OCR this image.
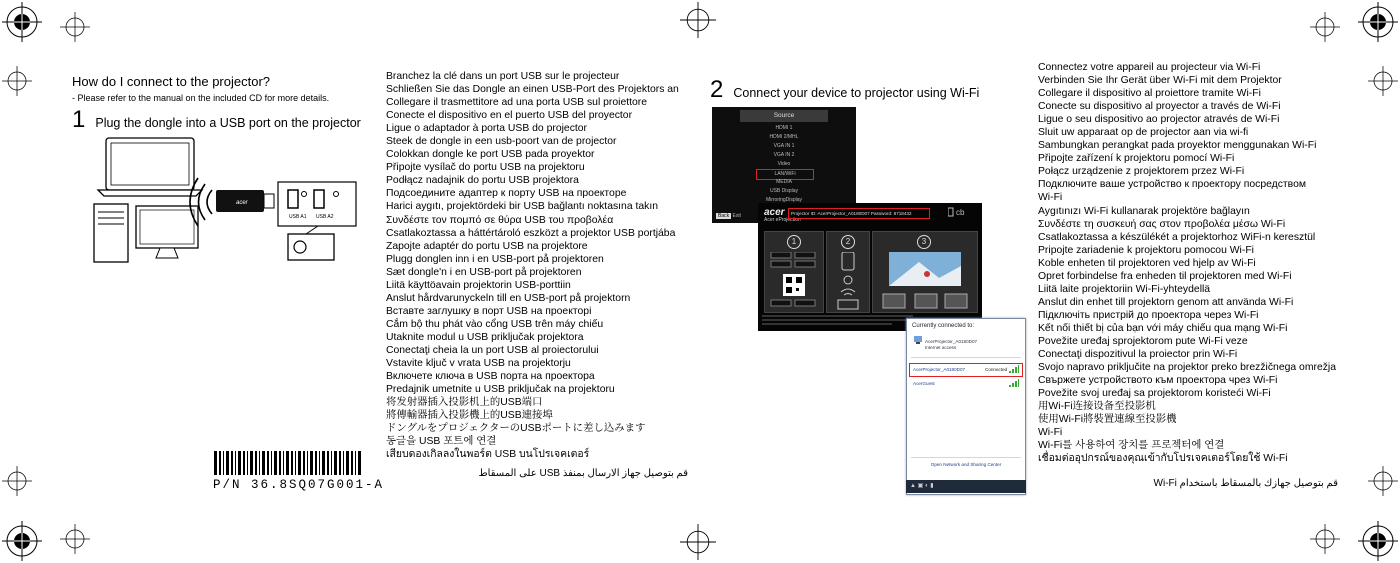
How do I connect to the projector?
- Please refer to the manual on the included CD for more details.
1 Plug the dongle into a USB port on the projector
acer
USB A1 USB A2
P/N 36.8SQ07G001-A
Branchez la clé dans un port USB sur le projecteur
Schließen Sie das Dongle an einen USB-Port des Projektors an
Collegare il trasmettitore ad una porta USB sul proiettore
Conecte el dispositivo en el puerto USB del proyector
Ligue o adaptador à porta USB do projector
Steek de dongle in een usb-poort van de projector
Colokkan dongle ke port USB pada proyektor
Připojte vysílač do portu USB na projektoru
Podłącz nadajnik do portu USB projektora
Подсоедините адаптер к порту USB на проекторе
Harici aygıtı, projektördeki bir USB bağlantı noktasına takın
Συνδέστε τον πομπό σε θύρα USB του προβολέα
Csatlakoztassa a háttértároló eszközt a projektor USB portjába
Zapojte adaptér do portu USB na projektore
Plugg donglen inn i en USB-port på projektoren
Sæt dongle'n i en USB-port på projektoren
Liitä käyttöavain projektorin USB-porttiin
Anslut hårdvarunyckeln till en USB-port på projektorn
Вставте заглушку в порт USB на проекторі
Cắm bộ thu phát vào cổng USB trên máy chiếu
Utaknite modul u USB priključak projektora
Conectaţi cheia la un port USB al proiectorului
Vstavite ključ v vrata USB na projektorju
Включете ключа в USB порта на проектора
Predajnik umetnite u USB priključak na projektoru
将发射器插入投影机上的USB端口
將傳輸器插入投影機上的USB連接埠
ドングルをプロジェクターのUSBポートに差し込みます
동글을 USB 포트에 연결
เสียบดองเกิลลงในพอร์ต USB บนโปรเจคเตอร์
قم بتوصيل جهاز الارسال بمنفذ USB على المسقاط
2 Connect your device to projector using Wi-Fi
Source
HDMI 1
HDMI 2/MHL
VGA IN 1
VGA IN 2
Video
LAN/WiFi
MEDIA
USB Display
MirroringDisplay
Back Exit acer
Acer eProjection
Projector ID: AcerProjector_A0180D07 Password: 8718432	cb
1	2	3
Currently connected to:
AcerProjector_A0180D07
Internet access
AcerProjector_A0180D07	Connected
AcerGuest
Open Network and Sharing Center
▲ ▣ ◐ ▮
Connectez votre appareil au projecteur via Wi-Fi
Verbinden Sie Ihr Gerät über Wi-Fi mit dem Projektor
Collegare il dispositivo al proiettore tramite Wi-Fi
Conecte su dispositivo al proyector a través de Wi-Fi
Ligue o seu dispositivo ao projector através de Wi-Fi
Sluit uw apparaat op de projector aan via wi-fi
Sambungkan perangkat pada proyektor menggunakan Wi-Fi
Připojte zařízení k projektoru pomocí Wi-Fi
Połącz urządzenie z projektorem przez Wi-Fi
Подключите ваше устройство к проектору посредством
Wi-Fi
Aygıtınızı Wi-Fi kullanarak projektöre bağlayın
Συνδέστε τη συσκευή σας στον προβολέα μέσω Wi-Fi
Csatlakoztassa a készülékét a projektorhoz WiFi-n keresztül
Pripojte zariadenie k projektoru pomocou Wi-Fi
Koble enheten til projektoren ved hjelp av Wi-Fi
Opret forbindelse fra enheden til projektoren med Wi-Fi
Liitä laite projektoriin Wi-Fi-yhteydellä
Anslut din enhet till projektorn genom att använda Wi-Fi
Підключіть пристрій до проектора через Wi-Fi
Kết nối thiết bị của bạn với máy chiếu qua mạng Wi-Fi
Povežite uređaj sprojektorom pute Wi-Fi veze
Conectaţi dispozitivul la proiector prin Wi-Fi
Svojo napravo priključite na projektor preko brezžičnega omrežja
Свържете устройството към проектора чрез Wi-Fi
Povežite svoj uređaj sa projektorom koristeći Wi-Fi
用Wi-Fi连接设备至投影机
使用Wi-Fi將裝置連線至投影機
Wi-Fi
Wi-Fi를 사용하여 장치를 프로젝터에 연결
เชื่อมต่ออุปกรณ์ของคุณเข้ากับโปรเจคเตอร์โดยใช้ Wi-Fi
قم بتوصيل جهازك بالمسقاط باستخدام Wi-Fi
